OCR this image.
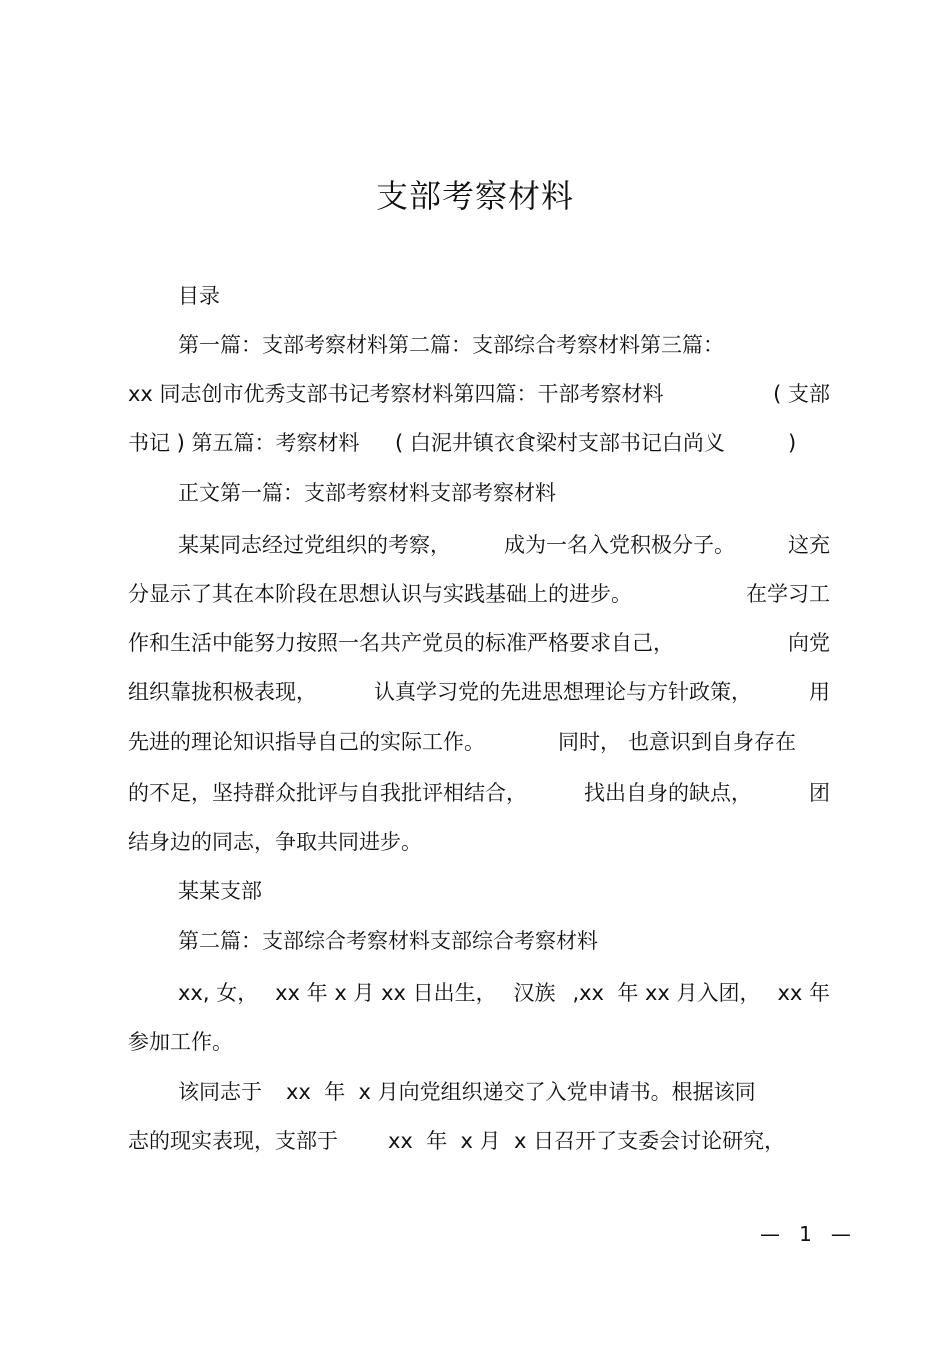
支部考察材料
目录
第一篇：支部考察材料第二篇：支部综合考察材料第三篇：
xx 同志创市优秀支部书记考察材料第四篇：干部考察材料	( 支部
书记 ) 第五篇：考察材料 ( 白泥井镇衣食梁村支部书记白尚义	)
正文第一篇：支部考察材料支部考察材料
某某同志经过党组织的考察，	成为一名入党积极分子。	这充
分显示了其在本阶段在思想认识与实践基础上的进步。	在学习工
作和生活中能努力按照一名共产党员的标准严格要求自己，	向党
组织靠拢积极表现，	认真学习党的先进思想理论与方针政策，	用
先进的理论知识指导自己的实际工作。	同时， 也意识到自身存在
的不足，坚持群众批评与自我批评相结合，	找出自身的缺点，	团
结身边的同志，争取共同进步。
某某支部
第二篇：支部综合考察材料支部综合考察材料
xx, 女， xx 年 x 月 xx 日出生， 汉族 ,xx  年 xx 月入团， xx 年
参加工作。
该同志于 xx  年  x 月向党组织递交了入党申请书。根据该同
志的现实表现，支部于 xx  年  x 月  x 日召开了支委会讨论研究，
—   1   —
